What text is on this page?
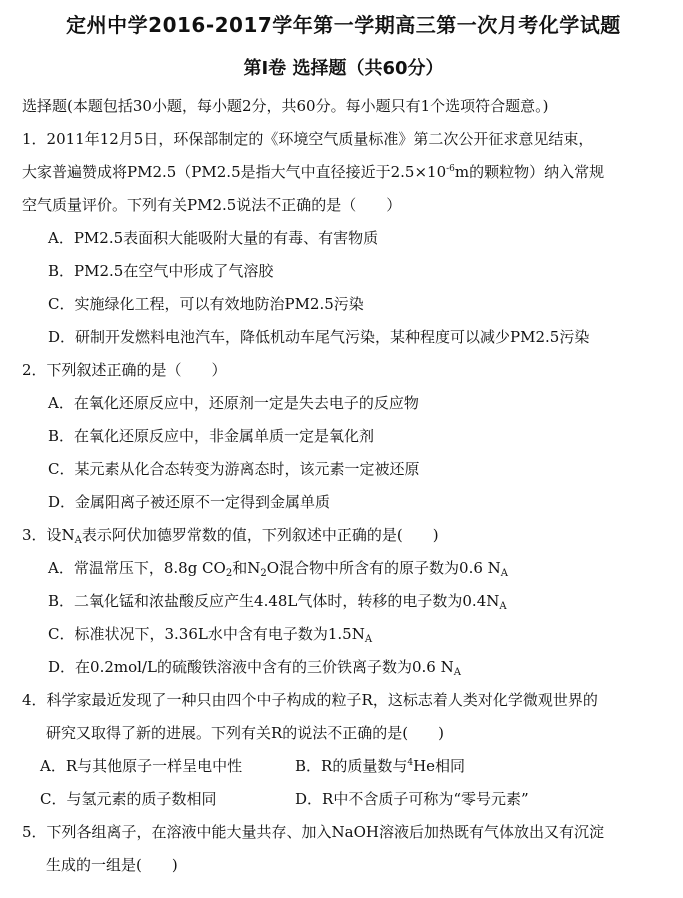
定州中学2016-2017学年第一学期高三第一次月考化学试题
第Ⅰ卷 选择题（共60分）
选择题(本题包括30小题，每小题2分，共60分。每小题只有1个选项符合题意。)
1．2011年12月5日，环保部制定的《环境空气质量标准》第二次公开征求意见结束，
大家普遍赞成将PM2.5（PM2.5是指大气中直径接近于$2.5\times 10^{-6}m$的颗粒物）纳入常规
空气质量评价。下列有关PM2.5说法不正确的是（　　）
A．PM2.5表面积大能吸附大量的有毒、有害物质
B．PM2.5在空气中形成了气溶胶
C．实施绿化工程，可以有效地防治PM2.5污染
D．研制开发燃料电池汽车，降低机动车尾气污染，某种程度可以减少PM2.5污染
2．下列叙述正确的是（　　）
A．在氧化还原反应中，还原剂一定是失去电子的反应物
B．在氧化还原反应中，非金属单质一定是氧化剂
C．某元素从化合态转变为游离态时，该元素一定被还原
D．金属阳离子被还原不一定得到金属单质
3．设$N_A$表示阿伏加德罗常数的值，下列叙述中正确的是(　　)
A．常温常压下，8.8g $CO_2$和$N_2O$混合物中所含有的原子数为0.6 $N_A$
B．二氧化锰和浓盐酸反应产生4.48L气体时，转移的电子数为$0.4N_A$
C．标准状况下，3.36L水中含有电子数为$1.5N_A$
D．在0.2mol/L的硫酸铁溶液中含有的三价铁离子数为0.6 $N_A$
4．科学家最近发现了一种只由四个中子构成的粒子R，这标志着人类对化学微观世界的
研究又取得了新的进展。下列有关R的说法不正确的是(　　)
A．R与其他原子一样呈电中性	B．R的质量数与$^4$He相同
C．与氢元素的质子数相同	D．R中不含质子可称为“零号元素”
5．下列各组离子，在溶液中能大量共存、加入NaOH溶液后加热既有气体放出又有沉淀
生成的一组是(　　)
